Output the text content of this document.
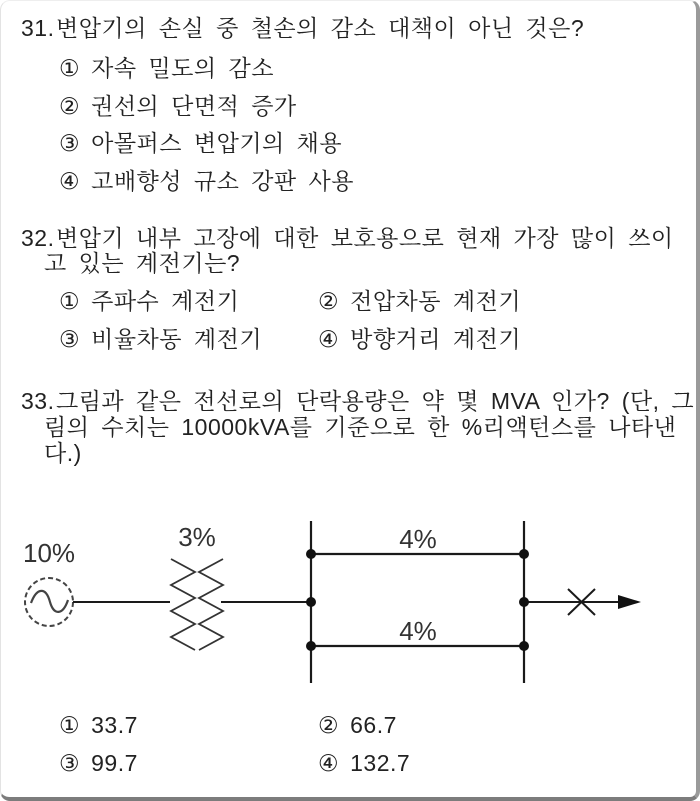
31.변압기의 손실 중 철손의 감소 대책이 아닌 것은?
① 자속 밀도의 감소
② 권선의 단면적 증가
③ 아몰퍼스 변압기의 채용
④ 고배향성 규소 강판 사용
32.변압기 내부 고장에 대한 보호용으로 현재 가장 많이 쓰이
고 있는 계전기는?
① 주파수 계전기	② 전압차동 계전기
③ 비율차동 계전기 ④ 방향거리 계전기
33.그림과 같은 전선로의 단락용량은 약 몇 MVA 인가? (단, 그
림의 수치는 10000kVA를 기준으로 한 %리액턴스를 나타낸
다.)
10%
3%	4%
4%
① 33.7	② 66.7
③ 99.7	④ 132.7
